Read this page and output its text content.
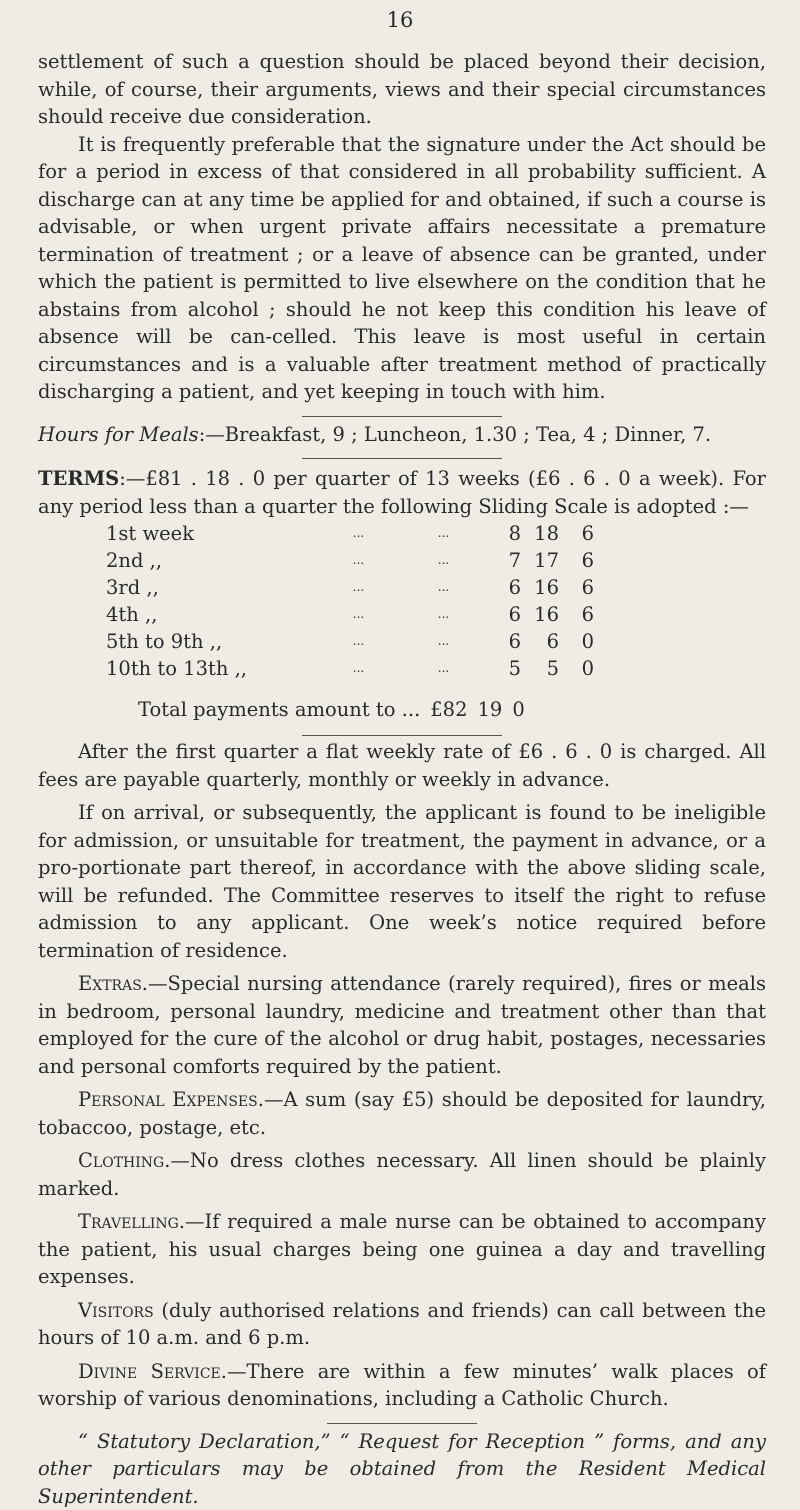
16

settlement of such a question should be placed beyond their decision, while, of course, their arguments, views and their special circumstances should receive due consideration.

It is frequently preferable that the signature under the Act should be for a period in excess of that considered in all probability sufficient. A discharge can at any time be applied for and obtained, if such a course is advisable, or when urgent private affairs necessitate a premature termination of treatment ; or a leave of absence can be granted, under which the patient is permitted to live elsewhere on the condition that he abstains from alcohol ; should he not keep this condition his leave of absence will be can-celled. This leave is most useful in certain circumstances and is a valuable after treatment method of practically discharging a patient, and yet keeping in touch with him.

Hours for Meals:—Breakfast, 9 ; Luncheon, 1.30 ; Tea, 4 ; Dinner, 7.

TERMS:—£81 . 18 . 0 per quarter of 13 weeks (£6 . 6 . 0 a week). For any period less than a quarter the following Sliding Scale is adopted :—

1st week	...	...	8	18	6
2nd ,,	...	...	7	17	6
3rd ,,	...	...	6	16	6
4th ,,	...	...	6	16	6
5th to 9th ,,	...	...	6	6	0
10th to 13th ,,	...	...	5	5	0
Total payments amount to ... £82 19 0

After the first quarter a flat weekly rate of £6 . 6 . 0 is charged. All fees are payable quarterly, monthly or weekly in advance.

If on arrival, or subsequently, the applicant is found to be ineligible for admission, or unsuitable for treatment, the payment in advance, or a pro-portionate part thereof, in accordance with the above sliding scale, will be refunded. The Committee reserves to itself the right to refuse admission to any applicant. One week’s notice required before termination of residence.

Extras.—Special nursing attendance (rarely required), fires or meals in bedroom, personal laundry, medicine and treatment other than that employed for the cure of the alcohol or drug habit, postages, necessaries and personal comforts required by the patient.

Personal Expenses.—A sum (say £5) should be deposited for laundry, tobaccoo, postage, etc.

Clothing.—No dress clothes necessary. All linen should be plainly marked.

Travelling.—If required a male nurse can be obtained to accompany the patient, his usual charges being one guinea a day and travelling expenses.

Visitors (duly authorised relations and friends) can call between the hours of 10 a.m. and 6 p.m.

Divine Service.—There are within a few minutes’ walk places of worship of various denominations, including a Catholic Church.

“ Statutory Declaration,” “ Request for Reception ” forms, and any other particulars may be obtained from the Resident Medical Superintendent.
